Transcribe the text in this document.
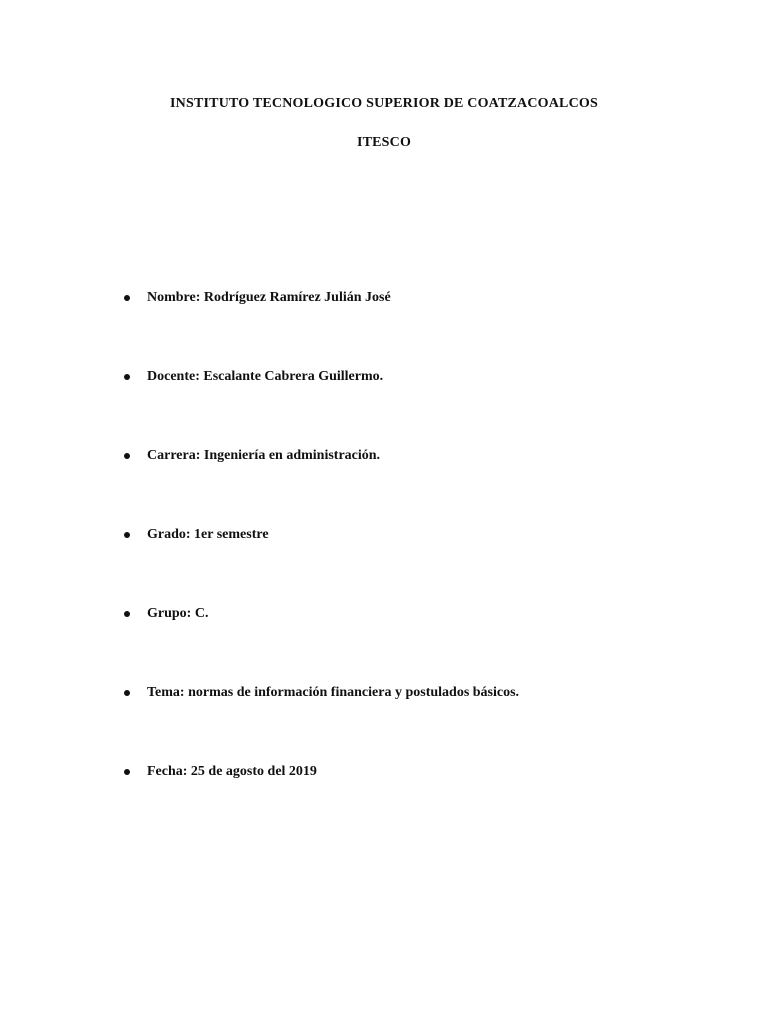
INSTITUTO TECNOLOGICO SUPERIOR DE COATZACOALCOS
ITESCO
Nombre: Rodríguez Ramírez Julián José
Docente: Escalante Cabrera Guillermo.
Carrera: Ingeniería en administración.
Grado: 1er semestre
Grupo: C.
Tema: normas de información financiera y postulados básicos.
Fecha: 25 de agosto del 2019
